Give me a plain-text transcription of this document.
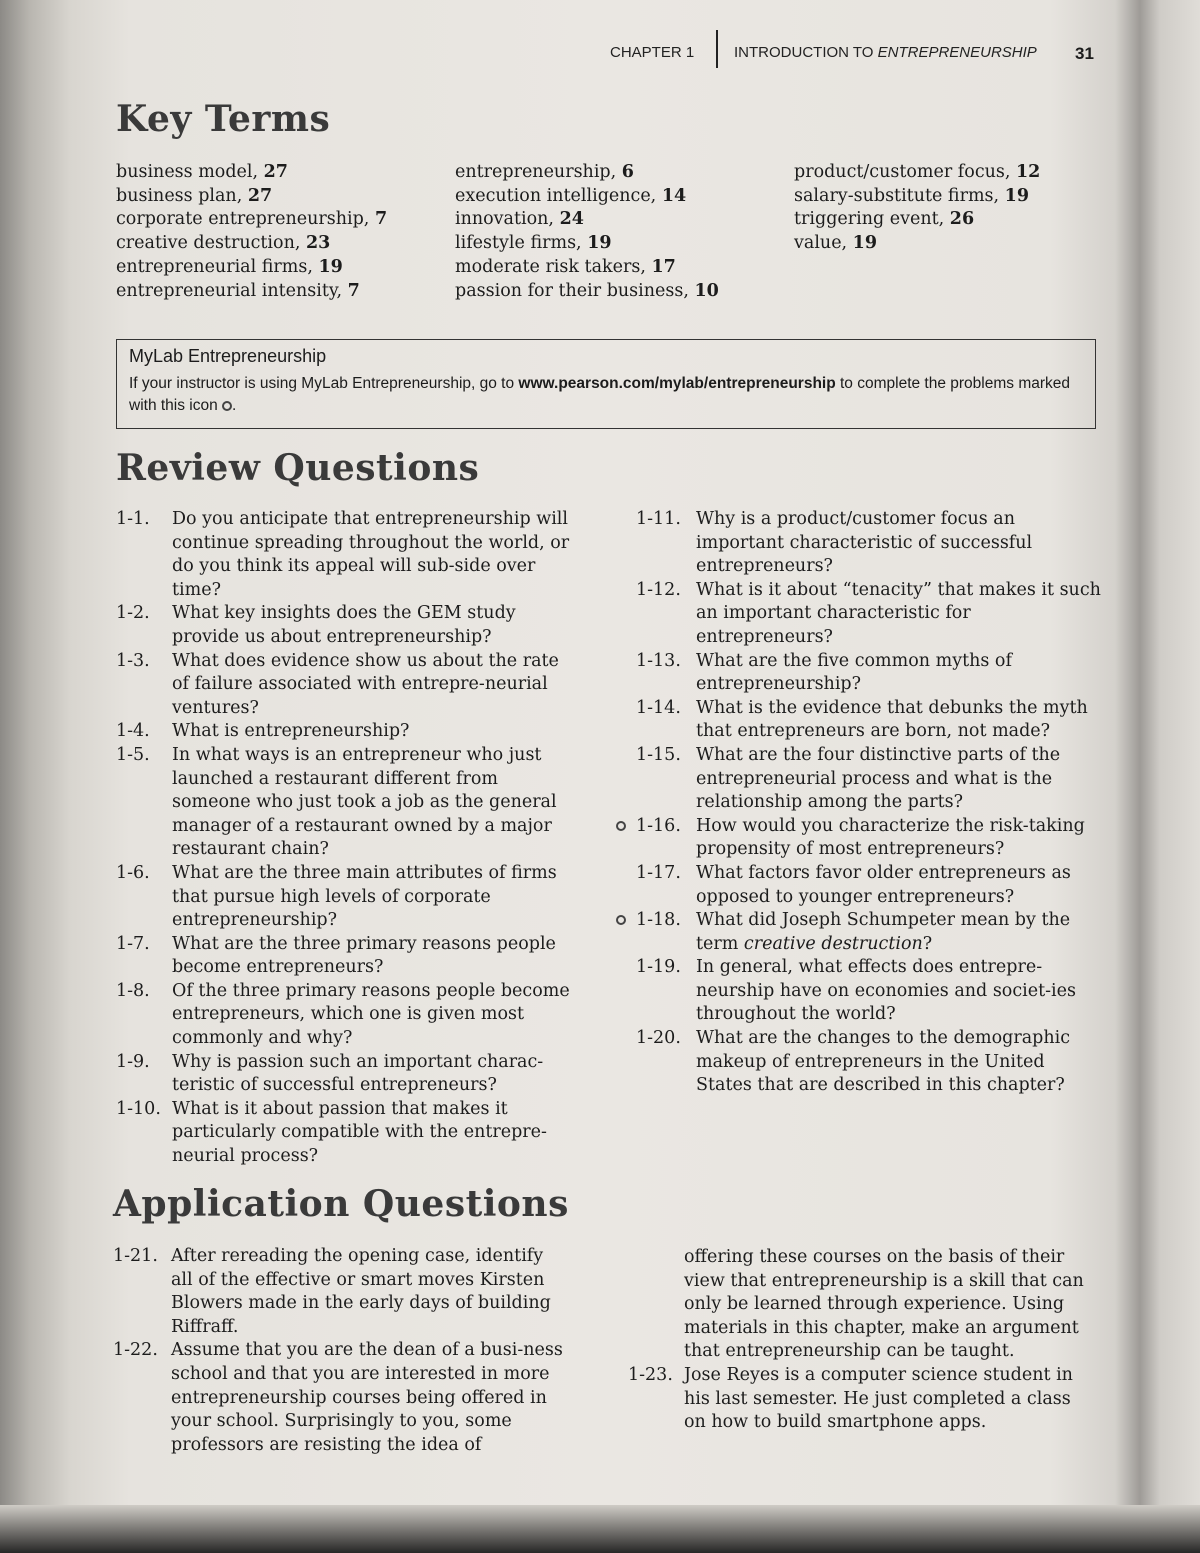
CHAPTER 1	INTRODUCTION TO ENTREPRENEURSHIP 31
Key Terms
business model, 27
business plan, 27
corporate entrepreneurship, 7
creative destruction, 23
entrepreneurial firms, 19
entrepreneurial intensity, 7
entrepreneurship, 6
execution intelligence, 14
innovation, 24
lifestyle firms, 19
moderate risk takers, 17
passion for their business, 10
product/customer focus, 12
salary-substitute firms, 19
triggering event, 26
value, 19
MyLab Entrepreneurship
If your instructor is using MyLab Entrepreneurship, go to www.pearson.com/mylab/entrepreneurship to complete the problems marked with this icon .
Review Questions
1-1. Do you anticipate that entrepreneurship will continue spreading throughout the world, or do you think its appeal will sub-side over time?
1-2. What key insights does the GEM study provide us about entrepreneurship?
1-3. What does evidence show us about the rate of failure associated with entrepre-neurial ventures?
1-4. What is entrepreneurship?
1-5. In what ways is an entrepreneur who just launched a restaurant different from someone who just took a job as the general manager of a restaurant owned by a major restaurant chain?
1-6. What are the three main attributes of firms that pursue high levels of corporate entrepreneurship?
1-7. What are the three primary reasons people become entrepreneurs?
1-8. Of the three primary reasons people become entrepreneurs, which one is given most commonly and why?
1-9. Why is passion such an important charac-teristic of successful entrepreneurs?
1-10. What is it about passion that makes it particularly compatible with the entrepre-neurial process?
1-11. Why is a product/customer focus an important characteristic of successful entrepreneurs?
1-12. What is it about “tenacity” that makes it such an important characteristic for entrepreneurs?
1-13. What are the five common myths of entrepreneurship?
1-14. What is the evidence that debunks the myth that entrepreneurs are born, not made?
1-15. What are the four distinctive parts of the entrepreneurial process and what is the relationship among the parts?
1-16. How would you characterize the risk-taking propensity of most entrepreneurs?
1-17. What factors favor older entrepreneurs as opposed to younger entrepreneurs?
1-18. What did Joseph Schumpeter mean by the term creative destruction?
1-19. In general, what effects does entrepre-neurship have on economies and societ-ies throughout the world?
1-20. What are the changes to the demographic makeup of entrepreneurs in the United States that are described in this chapter?
Application Questions
1-21. After rereading the opening case, identify all of the effective or smart moves Kirsten Blowers made in the early days of building Riffraff.
1-22. Assume that you are the dean of a busi-ness school and that you are interested in more entrepreneurship courses being offered in your school. Surprisingly to you, some professors are resisting the idea of
offering these courses on the basis of their view that entrepreneurship is a skill that can only be learned through experience. Using materials in this chapter, make an argument that entrepreneurship can be taught.
1-23. Jose Reyes is a computer science student in his last semester. He just completed a class on how to build smartphone apps.
